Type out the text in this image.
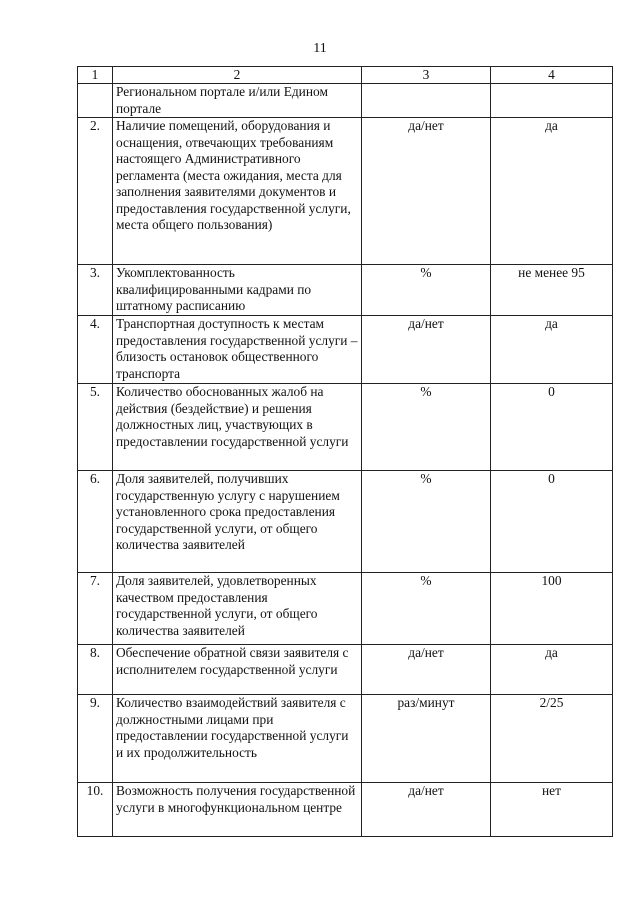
11
1	2	3	4
	Региональном портале и/или Едином портале		
2.	Наличие помещений, оборудования и оснащения, отвечающих требованиям настоящего Административного регламента (места ожидания, места для заполнения заявителями документов и предоставления государственной услуги, места общего пользования)	да/нет	да
3.	Укомплектованность квалифицированными кадрами по штатному расписанию	%	не менее 95
4.	Транспортная доступность к местам предоставления государственной услуги – близость остановок общественного транспорта	да/нет	да
5.	Количество обоснованных жалоб на действия (бездействие) и решения должностных лиц, участвующих в предоставлении государственной услуги	%	0
6.	Доля заявителей, получивших государственную услугу с нарушением установленного срока предоставления государственной услуги, от общего количества заявителей	%	0
7.	Доля заявителей, удовлетворенных качеством предоставления государственной услуги, от общего количества заявителей	%	100
8.	Обеспечение обратной связи заявителя с исполнителем государственной услуги	да/нет	да
9.	Количество взаимодействий заявителя с должностными лицами при предоставлении государственной услуги и их продолжительность	раз/минут	2/25
10.	Возможность получения государственной услуги в многофункциональном центре	да/нет	нет
